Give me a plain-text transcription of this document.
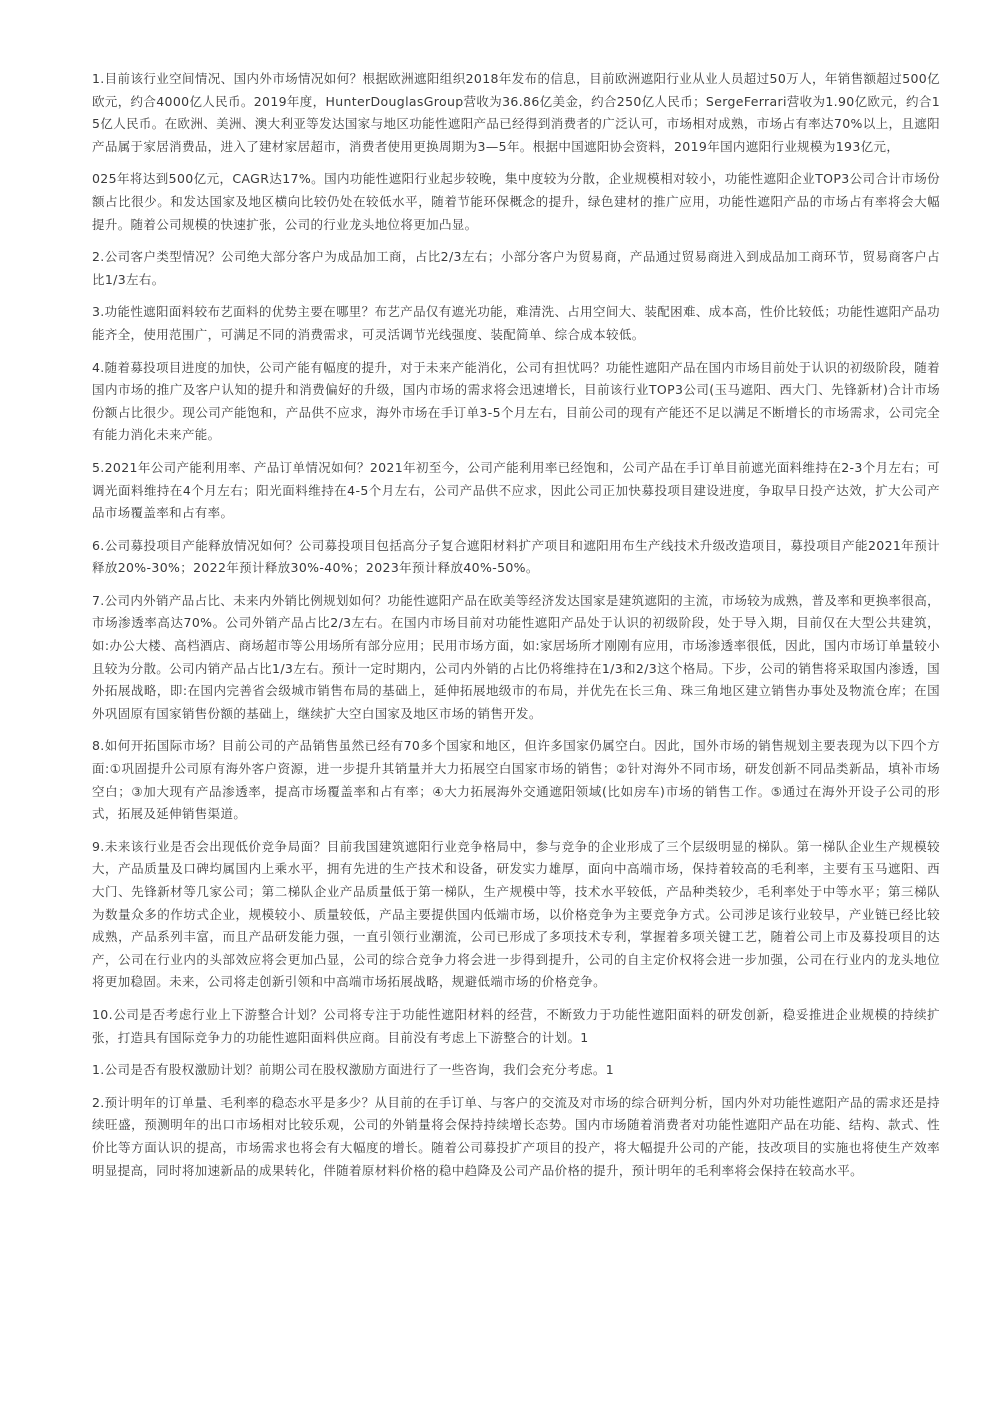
1.目前该行业空间情况、国内外市场情况如何？根据欧洲遮阳组织2018年发布的信息，目前欧洲遮阳行业从业人员超过50万人，年销售额超过500亿欧元，约合4000亿人民币。2019年度，HunterDouglasGroup营收为36.86亿美金，约合250亿人民币；SergeFerrari营收为1.90亿欧元，约合15亿人民币。在欧洲、美洲、澳大利亚等发达国家与地区功能性遮阳产品已经得到消费者的广泛认可，市场相对成熟，市场占有率达70%以上，且遮阳产品属于家居消费品，进入了建材家居超市，消费者使用更换周期为3—5年。根据中国遮阳协会资料，2019年国内遮阳行业规模为193亿元，

025年将达到500亿元，CAGR达17%。国内功能性遮阳行业起步较晚，集中度较为分散，企业规模相对较小，功能性遮阳企业TOP3公司合计市场份额占比很少。和发达国家及地区横向比较仍处在较低水平，随着节能环保概念的提升，绿色建材的推广应用，功能性遮阳产品的市场占有率将会大幅提升。随着公司规模的快速扩张，公司的行业龙头地位将更加凸显。

2.公司客户类型情况？公司绝大部分客户为成品加工商，占比2/3左右；小部分客户为贸易商，产品通过贸易商进入到成品加工商环节，贸易商客户占比1/3左右。

3.功能性遮阳面料较布艺面料的优势主要在哪里？布艺产品仅有遮光功能，难清洗、占用空间大、装配困难、成本高，性价比较低；功能性遮阳产品功能齐全，使用范围广，可满足不同的消费需求，可灵活调节光线强度、装配简单、综合成本较低。

4.随着募投项目进度的加快，公司产能有幅度的提升，对于未来产能消化，公司有担忧吗？功能性遮阳产品在国内市场目前处于认识的初级阶段，随着国内市场的推广及客户认知的提升和消费偏好的升级，国内市场的需求将会迅速增长，目前该行业TOP3公司(玉马遮阳、西大门、先锋新材)合计市场份额占比很少。现公司产能饱和，产品供不应求，海外市场在手订单3-5个月左右，目前公司的现有产能还不足以满足不断增长的市场需求，公司完全有能力消化未来产能。

5.2021年公司产能利用率、产品订单情况如何？2021年初至今，公司产能利用率已经饱和，公司产品在手订单目前遮光面料维持在2-3个月左右；可调光面料维持在4个月左右；阳光面料维持在4-5个月左右，公司产品供不应求，因此公司正加快募投项目建设进度，争取早日投产达效，扩大公司产品市场覆盖率和占有率。

6.公司募投项目产能释放情况如何？公司募投项目包括高分子复合遮阳材料扩产项目和遮阳用布生产线技术升级改造项目，募投项目产能2021年预计释放20%-30%；2022年预计释放30%-40%；2023年预计释放40%-50%。

7.公司内外销产品占比、未来内外销比例规划如何？功能性遮阳产品在欧美等经济发达国家是建筑遮阳的主流，市场较为成熟，普及率和更换率很高，市场渗透率高达70%。公司外销产品占比2/3左右。在国内市场目前对功能性遮阳产品处于认识的初级阶段，处于导入期，目前仅在大型公共建筑，如:办公大楼、高档酒店、商场超市等公用场所有部分应用；民用市场方面，如:家居场所才刚刚有应用，市场渗透率很低，因此，国内市场订单量较小且较为分散。公司内销产品占比1/3左右。预计一定时期内，公司内外销的占比仍将维持在1/3和2/3这个格局。下步，公司的销售将采取国内渗透，国外拓展战略，即:在国内完善省会级城市销售布局的基础上，延伸拓展地级市的布局，并优先在长三角、珠三角地区建立销售办事处及物流仓库；在国外巩固原有国家销售份额的基础上，继续扩大空白国家及地区市场的销售开发。

8.如何开拓国际市场？目前公司的产品销售虽然已经有70多个国家和地区，但许多国家仍属空白。因此，国外市场的销售规划主要表现为以下四个方面:①巩固提升公司原有海外客户资源，进一步提升其销量并大力拓展空白国家市场的销售；②针对海外不同市场，研发创新不同品类新品，填补市场空白；③加大现有产品渗透率，提高市场覆盖率和占有率；④大力拓展海外交通遮阳领域(比如房车)市场的销售工作。⑤通过在海外开设子公司的形式，拓展及延伸销售渠道。

9.未来该行业是否会出现低价竞争局面？目前我国建筑遮阳行业竞争格局中，参与竞争的企业形成了三个层级明显的梯队。第一梯队企业生产规模较大，产品质量及口碑均属国内上乘水平，拥有先进的生产技术和设备，研发实力雄厚，面向中高端市场，保持着较高的毛利率，主要有玉马遮阳、西大门、先锋新材等几家公司；第二梯队企业产品质量低于第一梯队，生产规模中等，技术水平较低，产品种类较少，毛利率处于中等水平；第三梯队为数量众多的作坊式企业，规模较小、质量较低，产品主要提供国内低端市场，以价格竞争为主要竞争方式。公司涉足该行业较早，产业链已经比较成熟，产品系列丰富，而且产品研发能力强，一直引领行业潮流，公司已形成了多项技术专利，掌握着多项关键工艺，随着公司上市及募投项目的达产，公司在行业内的头部效应将会更加凸显，公司的综合竞争力将会进一步得到提升，公司的自主定价权将会进一步加强，公司在行业内的龙头地位将更加稳固。未来，公司将走创新引领和中高端市场拓展战略，规避低端市场的价格竞争。

10.公司是否考虑行业上下游整合计划？公司将专注于功能性遮阳材料的经营，不断致力于功能性遮阳面料的研发创新，稳妥推进企业规模的持续扩张，打造具有国际竞争力的功能性遮阳面料供应商。目前没有考虑上下游整合的计划。1

1.公司是否有股权激励计划？前期公司在股权激励方面进行了一些咨询，我们会充分考虑。1

2.预计明年的订单量、毛利率的稳态水平是多少？从目前的在手订单、与客户的交流及对市场的综合研判分析，国内外对功能性遮阳产品的需求还是持续旺盛，预测明年的出口市场相对比较乐观，公司的外销量将会保持持续增长态势。国内市场随着消费者对功能性遮阳产品在功能、结构、款式、性价比等方面认识的提高，市场需求也将会有大幅度的增长。随着公司募投扩产项目的投产，将大幅提升公司的产能，技改项目的实施也将使生产效率明显提高，同时将加速新品的成果转化，伴随着原材料价格的稳中趋降及公司产品价格的提升，预计明年的毛利率将会保持在较高水平。
